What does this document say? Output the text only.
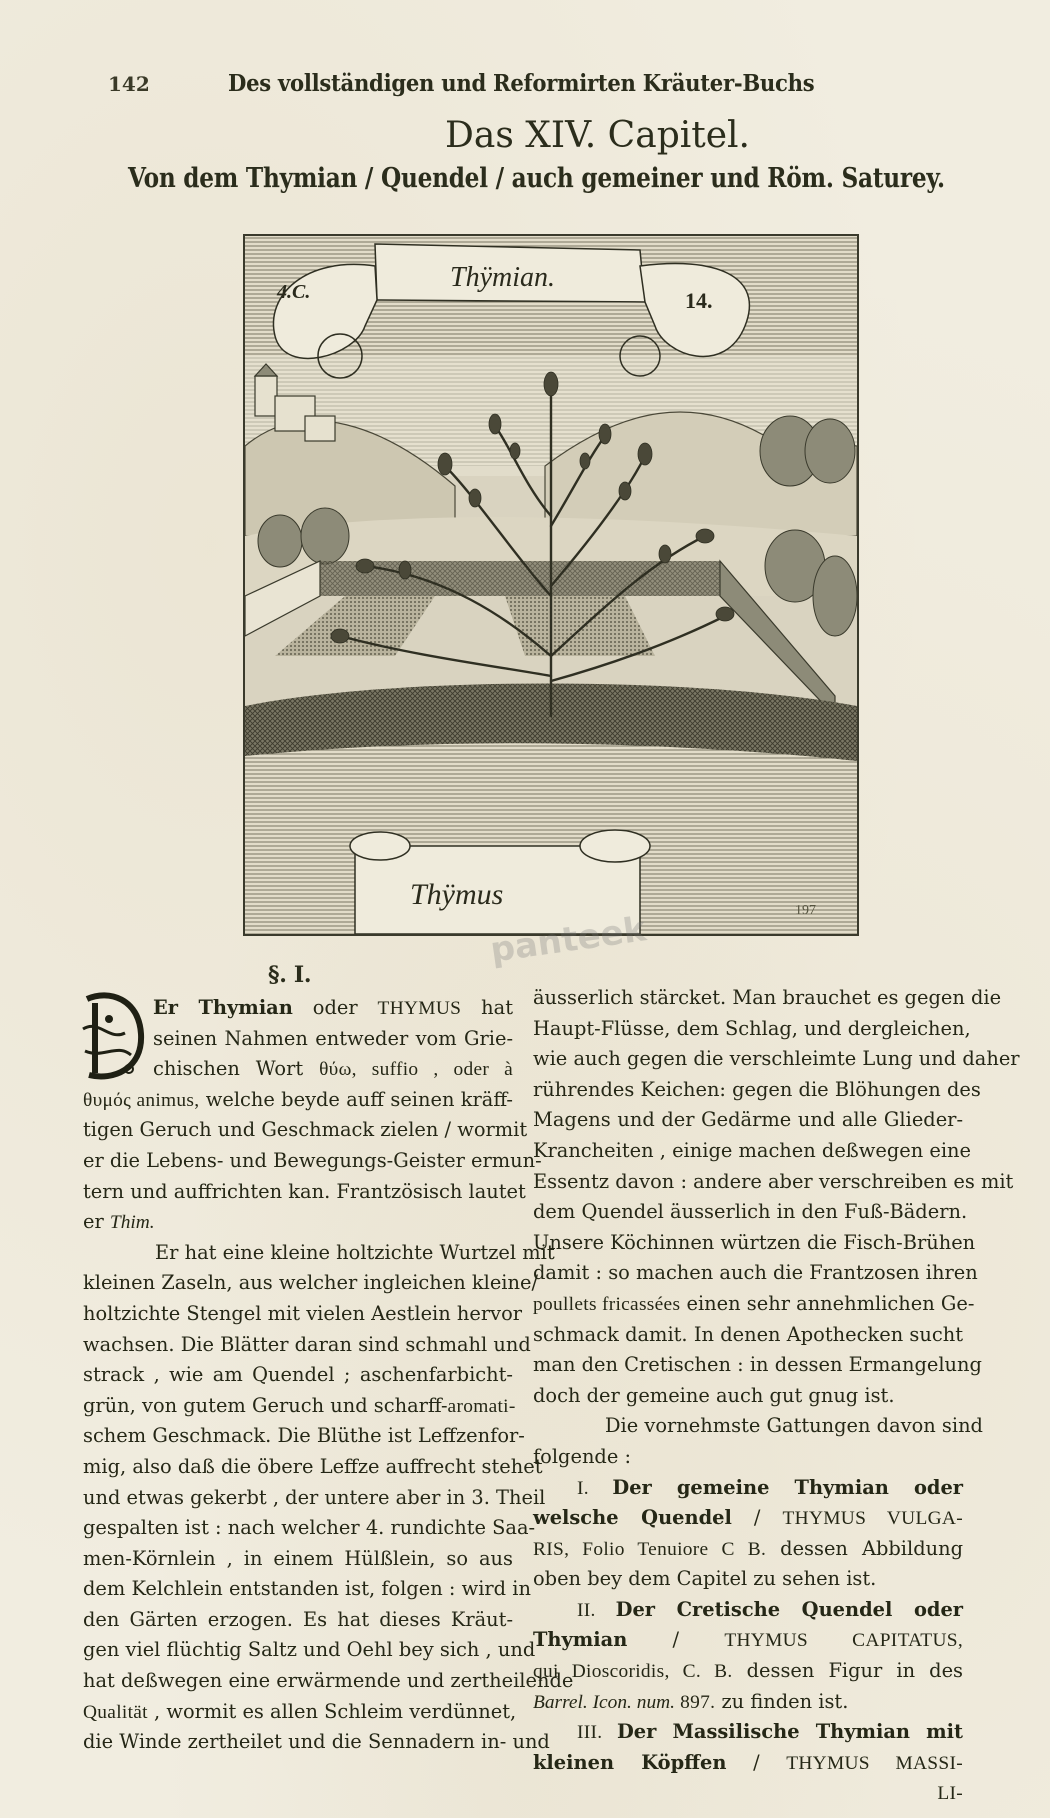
142	Des vollständigen und Reformirten Kräuter-Buchs
Das XIV. Capitel.
Von dem Thymian / Quendel / auch gemeiner und Röm. Saturey.
Thÿmian.
4.C.	14.
Thÿmus	197
panteek
§. I.
Er Thymian oder THYMUS hat
seinen Nahmen entweder vom Grie-
chischen Wort θύω, suffio , oder à
θυμός animus, welche beyde auff seinen kräff-
tigen Geruch und Geschmack zielen / wormit
er die Lebens- und Bewegungs-Geister ermun-
tern und auffrichten kan. Frantzösisch lautet
er Thim.
Er hat eine kleine holtzichte Wurtzel mit
kleinen Zaseln, aus welcher ingleichen kleine/
holtzichte Stengel mit vielen Aestlein hervor
wachsen. Die Blätter daran sind schmahl und
strack , wie am Quendel ; aschenfarbicht-
grün, von gutem Geruch und scharff-aromati-
schem Geschmack. Die Blüthe ist Leffzenfor-
mig, also daß die öbere Leffze auffrecht stehet
und etwas gekerbt , der untere aber in 3. Theil
gespalten ist : nach welcher 4. rundichte Saa-
men-Körnlein , in einem Hülßlein, so aus
dem Kelchlein entstanden ist, folgen : wird in
den Gärten erzogen. Es hat dieses Kräut-
gen viel flüchtig Saltz und Oehl bey sich , und
hat deßwegen eine erwärmende und zertheilende
Qualität , wormit es allen Schleim verdünnet,
die Winde zertheilet und die Sennadern in- und
äusserlich stärcket. Man brauchet es gegen die
Haupt-Flüsse, dem Schlag, und dergleichen,
wie auch gegen die verschleimte Lung und daher
rührendes Keichen: gegen die Blöhungen des
Magens und der Gedärme und alle Glieder-
Krancheiten , einige machen deßwegen eine
Essentz davon : andere aber verschreiben es mit
dem Quendel äusserlich in den Fuß-Bädern.
Unsere Köchinnen würtzen die Fisch-Brühen
damit : so machen auch die Frantzosen ihren
poullets fricassées einen sehr annehmlichen Ge-
schmack damit. In denen Apothecken sucht
man den Cretischen : in dessen Ermangelung
doch der gemeine auch gut gnug ist.
Die vornehmste Gattungen davon sind
folgende :
I. Der gemeine Thymian oder
welsche Quendel / THYMUS VULGA-
RIS, Folio Tenuiore C B. dessen Abbildung
oben bey dem Capitel zu sehen ist.
II. Der Cretische Quendel oder
Thymian / THYMUS CAPITATUS,
qui Dioscoridis, C. B. dessen Figur in des
Barrel. Icon. num. 897. zu finden ist.
III. Der Massilische Thymian mit
kleinen Köpffen / THYMUS MASSI-
LI-
